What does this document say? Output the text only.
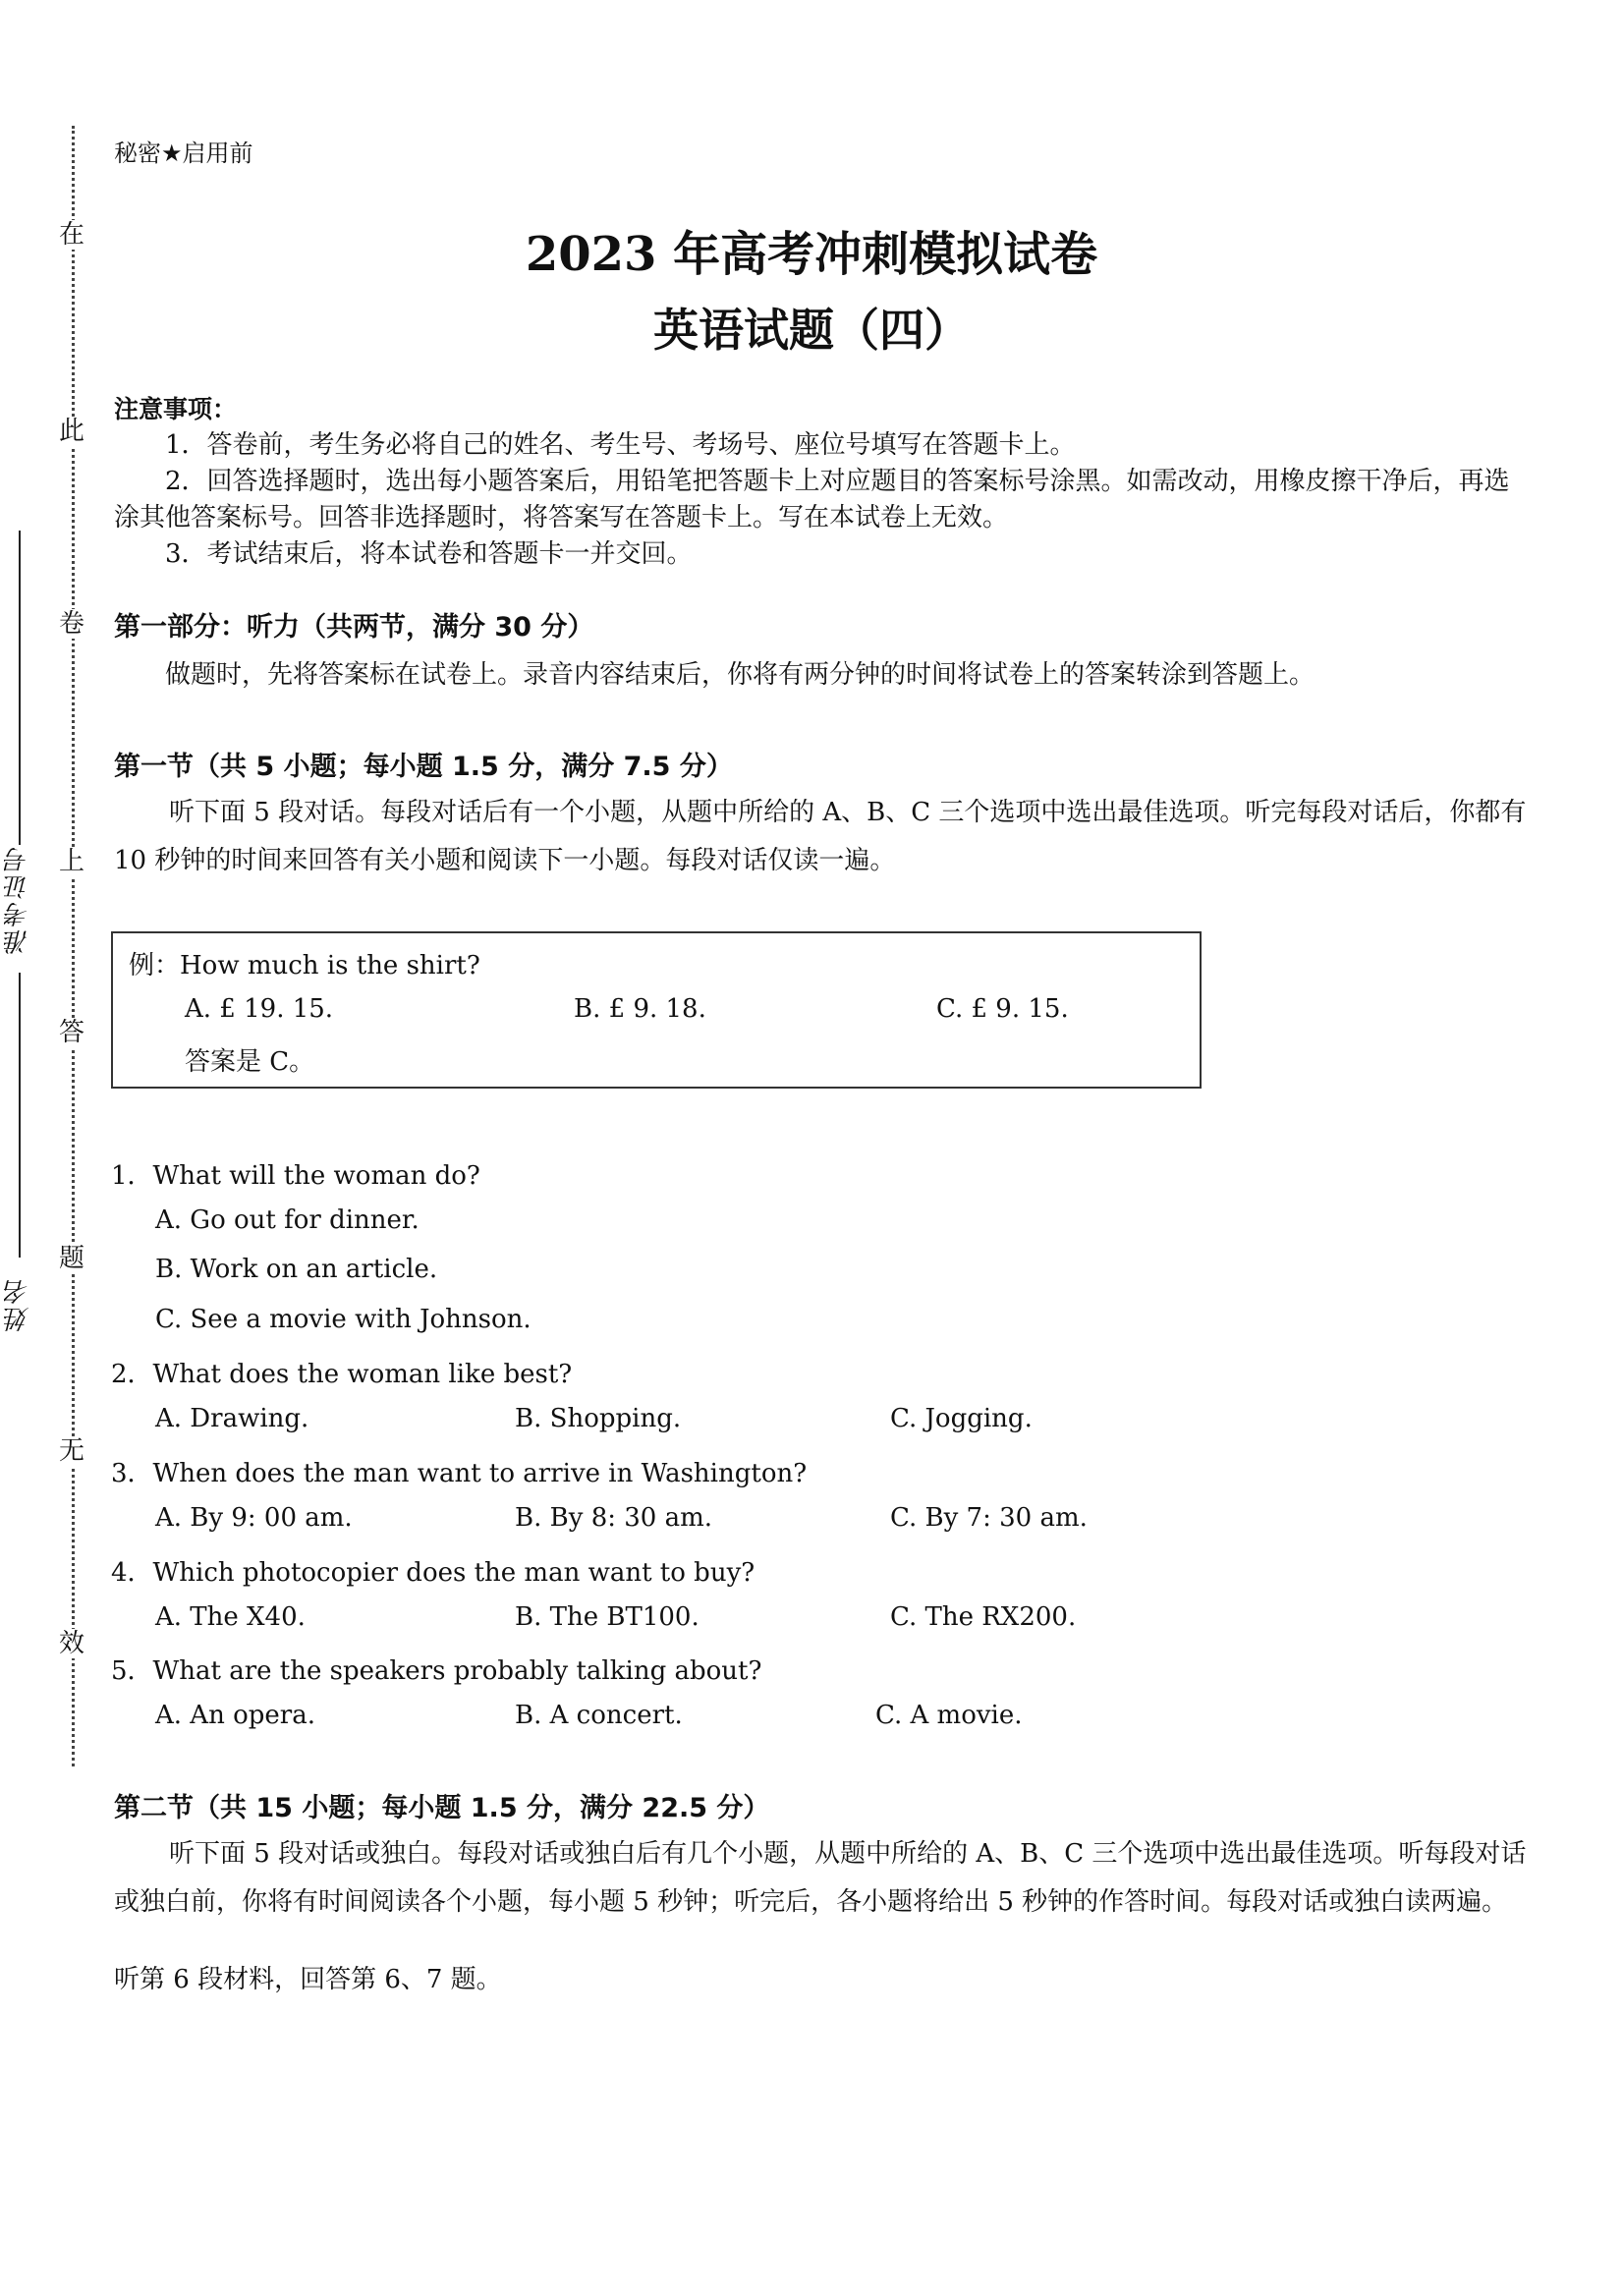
在
此
卷
上
答
题
无
效
准考证号
姓名
秘密★启用前
2023 年高考冲刺模拟试卷
英语试题（四）
注意事项：
1．答卷前，考生务必将自己的姓名、考生号、考场号、座位号填写在答题卡上。
2．回答选择题时，选出每小题答案后，用铅笔把答题卡上对应题目的答案标号涂黑。如需改动，用橡皮擦干净后，再选涂其他答案标号。回答非选择题时，将答案写在答题卡上。写在本试卷上无效。
3．考试结束后，将本试卷和答题卡一并交回。
第一部分：听力（共两节，满分 30 分）
做题时，先将答案标在试卷上。录音内容结束后，你将有两分钟的时间将试卷上的答案转涂到答题上。
第一节（共 5 小题；每小题 1.5 分，满分 7.5 分）
听下面 5 段对话。每段对话后有一个小题，从题中所给的 A、B、C 三个选项中选出最佳选项。听完每段对话后，你都有 10 秒钟的时间来回答有关小题和阅读下一小题。每段对话仅读一遍。
例：How much is the shirt?
A. £ 19. 15.	B. £ 9. 18.	C. £ 9. 15.
答案是 C。
1．What will the woman do?
A. Go out for dinner.
B. Work on an article.
C. See a movie with Johnson.
2．What does the woman like best?
A. Drawing.	B. Shopping.	C. Jogging.
3．When does the man want to arrive in Washington?
A. By 9: 00 am.	B. By 8: 30 am.	C. By 7: 30 am.
4．Which photocopier does the man want to buy?
A. The X40.	B. The BT100.	C. The RX200.
5．What are the speakers probably talking about?
A. An opera.	B. A concert.	C. A movie.
第二节（共 15 小题；每小题 1.5 分，满分 22.5 分）
听下面 5 段对话或独白。每段对话或独白后有几个小题，从题中所给的 A、B、C 三个选项中选出最佳选项。听每段对话或独白前，你将有时间阅读各个小题，每小题 5 秒钟；听完后，各小题将给出 5 秒钟的作答时间。每段对话或独白读两遍。
听第 6 段材料，回答第 6、7 题。
